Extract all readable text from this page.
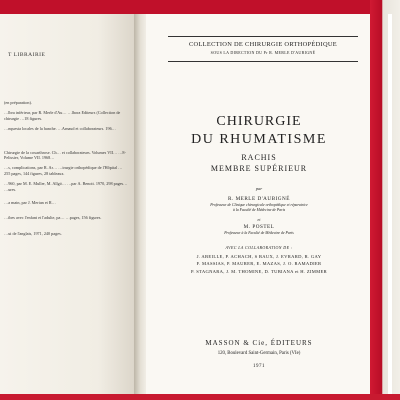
T LIBRAIRIE
(en préparation).
…lbra inférieur, par R. Merle d'Au… …lbora Editeurs (Collection de chirurgie …18 figures.
…nquesta locales de la hanche. …Arnaud et collaborateurs. 196…
Chirurgie de la coxarthrose. Ch… et collaborateurs. Volumes VII… …8-Pelissier, Volume VII. 1968…
…s, complications, par R. Ar… …irurgie orthopédique de l'Hôpital …255 pages, 144 figures, 28 tableaux.
…960, par M. E. Muller, M. Allgö… …par A. Benoit. 1970, 298 pages… …ures.
…a main, par J. Merian et R…
…ibes avec l'enfant et l'adulte, pa… …pages, 156 figures.
…ui de l'anglais, 1971, 240 pages.
COLLECTION DE CHIRURGIE ORTHOPÉDIQUE
SOUS LA DIRECTION DU Pr R. MERLE D'AUBIGNÉ
CHIRURGIE
DU RHUMATISME
RACHIS
MEMBRE SUPÉRIEUR
par
R. MERLE D'AUBIGNÉ
Professeur de Clinique chirurgicale orthopédique et réparatrice
à la Faculté de Médecine de Paris
et
M. POSTEL
Professeur à la Faculté de Médecine de Paris
AVEC LA COLLABORATION DE :
J. ABEILLE, P. ACHACH, S BAUX, J. EVRARD, R. GAY
F. MASSIAS, P. MAURER, E. MAZAS, J. O. RAMADIER
P. STAGNARA, J. M. THOMINE, D. TUBIANA et H. ZIMMER
MASSON & Cie, ÉDITEURS
120, Boulevard Saint-Germain, Paris (VIe)
1971
